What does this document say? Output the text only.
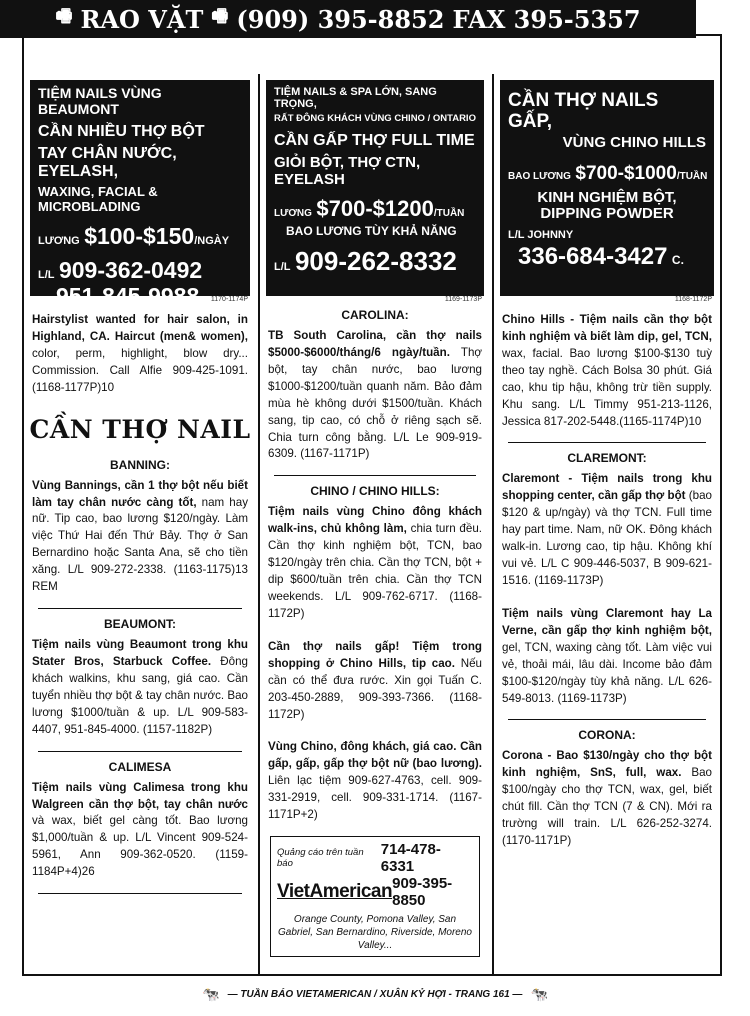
🖷 RAO VẶT 🖷 (909) 395-8852 FAX 395-5357
TIỆM NAILS VÙNG BEAUMONT
CẦN NHIỀU THỢ BỘT
TAY CHÂN NƯỚC, EYELASH,
WAXING, FACIAL & MICROBLADING
LƯƠNG $100-$150/NGÀY
L/L 909-362-0492
951-845-9988	1170-1174P
Hairstylist wanted for hair salon, in Highland, CA. Haircut (men& women), color, perm, highlight, blow dry... Commission. Call Alfie 909-425-1091. (1168-1177P)10
CẦN THỢ NAIL
BANNING:
Vùng Bannings, cần 1 thợ bột nếu biết làm tay chân nước càng tốt, nam hay nữ. Tip cao, bao lương $120/ngày. Làm việc Thứ Hai đến Thứ Bảy. Thợ ở San Bernardino hoặc Santa Ana, sẽ cho tiền xăng. L/L 909-272-2338. (1163-1175)13 REM
BEAUMONT:
Tiệm nails vùng Beaumont trong khu Stater Bros, Starbuck Coffee. Đông khách walkins, khu sang, giá cao. Cần tuyển nhiều thợ bột & tay chân nước. Bao lương $1000/tuần & up. L/L 909-583-4407, 951-845-4000. (1157-1182P)
CALIMESA
Tiệm nails vùng Calimesa trong khu Walgreen cần thợ bột, tay chân nước và wax, biết gel càng tốt. Bao lương $1,000/tuần & up. L/L Vincent 909-524-5961, Ann 909-362-0520. (1159-1184P+4)26
TIỆM NAILS & SPA LỚN, SANG TRỌNG,
RẤT ĐÔNG KHÁCH VÙNG CHINO / ONTARIO
CẦN GẤP THỢ FULL TIME
GIỎI BỘT, THỢ CTN, EYELASH
LƯƠNG $700-$1200/TUẦN
BAO LƯƠNG TÙY KHẢ NĂNG
L/L 909-262-8332
1169-1173P
CAROLINA:
TB South Carolina, cần thợ nails $5000-$6000/tháng/6 ngày/tuần. Thợ bột, tay chân nước, bao lương $1000-$1200/tuần quanh năm. Bảo đảm mùa hè không dưới $1500/tuần. Khách sang, tip cao, có chỗ ở riêng sạch sẽ. Chia turn công bằng. L/L Le 909-919-6309. (1167-1171P)
CHINO / CHINO HILLS:
Tiệm nails vùng Chino đông khách walk-ins, chủ không làm, chia turn đều. Cần thợ kinh nghiệm bột, TCN, bao $120/ngày trên chia. Cần thợ TCN, bột + dip $600/tuần trên chia. Cần thợ TCN weekends. L/L 909-762-6717. (1168-1172P)
Cần thợ nails gấp! Tiệm trong shopping ở Chino Hills, tip cao. Nếu cần có thể đưa rước. Xin gọi Tuấn C. 203-450-2889, 909-393-7366. (1168-1172P)
Vùng Chino, đông khách, giá cao. Cần gấp, gấp, gấp thợ bột nữ (bao lương). Liên lạc tiệm 909-627-4763, cell. 909-331-2919, cell. 909-331-1714. (1167-1171P+2)
Quảng cáo trên tuần báo
714-478-6331
VietAmerican 909-395-8850
Orange County, Pomona Valley, San Gabriel, San Bernardino, Riverside, Moreno Valley...
CẦN THỢ NAILS GẤP,
VÙNG CHINO HILLS
BAO LƯƠNG $700-$1000/TUẦN
KINH NGHIỆM BỘT,
DIPPING POWDER
L/L JOHNNY
336-684-3427 C.
1168-1172P
Chino Hills - Tiệm nails cần thợ bột kinh nghiệm và biết làm dip, gel, TCN, wax, facial. Bao lương $100-$130 tuỳ theo tay nghề. Cách Bolsa 30 phút. Giá cao, khu tip hậu, không trừ tiền supply. Khu sang. L/L Timmy 951-213-1126, Jessica 817-202-5448.(1165-1174P)10
CLAREMONT:
Claremont - Tiệm nails trong khu shopping center, cần gấp thợ bột (bao $120 & up/ngày) và thợ TCN. Full time hay part time. Nam, nữ OK. Đông khách walk-in. Lương cao, tip hậu. Không khí vui vẻ. L/L C 909-446-5037, B 909-621-1516. (1169-1173P)
Tiệm nails vùng Claremont hay La Verne, cần gấp thợ kinh nghiệm bột, gel, TCN, waxing càng tốt. Làm việc vui vẻ, thoải mái, lâu dài. Income bảo đảm $100-$120/ngày tùy khả năng. L/L 626-549-8013. (1169-1173P)
CORONA:
Corona - Bao $130/ngày cho thợ bột kinh nghiệm, SnS, full, wax. Bao $100/ngày cho thợ TCN, wax, gel, biết chút fill. Cần thợ TCN (7 & CN). Mới ra trường will train. L/L 626-252-3274. (1170-1171P)
🐄 — TUẦN BÁO VIETAMERICAN / XUÂN KỶ HỢI - TRANG 161 — 🐄
